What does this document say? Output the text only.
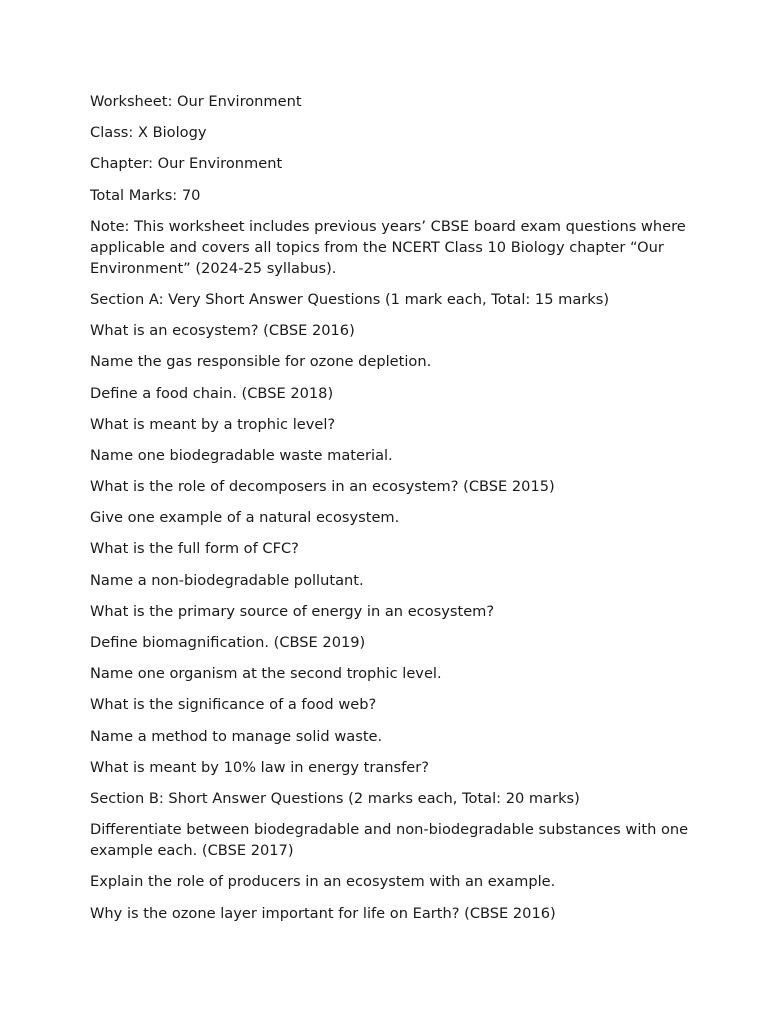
Worksheet: Our Environment

Class: X Biology

Chapter: Our Environment

Total Marks: 70

Note: This worksheet includes previous years’ CBSE board exam questions where applicable and covers all topics from the NCERT Class 10 Biology chapter “Our Environment” (2024-25 syllabus).

Section A: Very Short Answer Questions (1 mark each, Total: 15 marks)

What is an ecosystem? (CBSE 2016)

Name the gas responsible for ozone depletion.

Define a food chain. (CBSE 2018)

What is meant by a trophic level?

Name one biodegradable waste material.

What is the role of decomposers in an ecosystem? (CBSE 2015)

Give one example of a natural ecosystem.

What is the full form of CFC?

Name a non-biodegradable pollutant.

What is the primary source of energy in an ecosystem?

Define biomagnification. (CBSE 2019)

Name one organism at the second trophic level.

What is the significance of a food web?

Name a method to manage solid waste.

What is meant by 10% law in energy transfer?

Section B: Short Answer Questions (2 marks each, Total: 20 marks)

Differentiate between biodegradable and non-biodegradable substances with one example each. (CBSE 2017)

Explain the role of producers in an ecosystem with an example.

Why is the ozone layer important for life on Earth? (CBSE 2016)
